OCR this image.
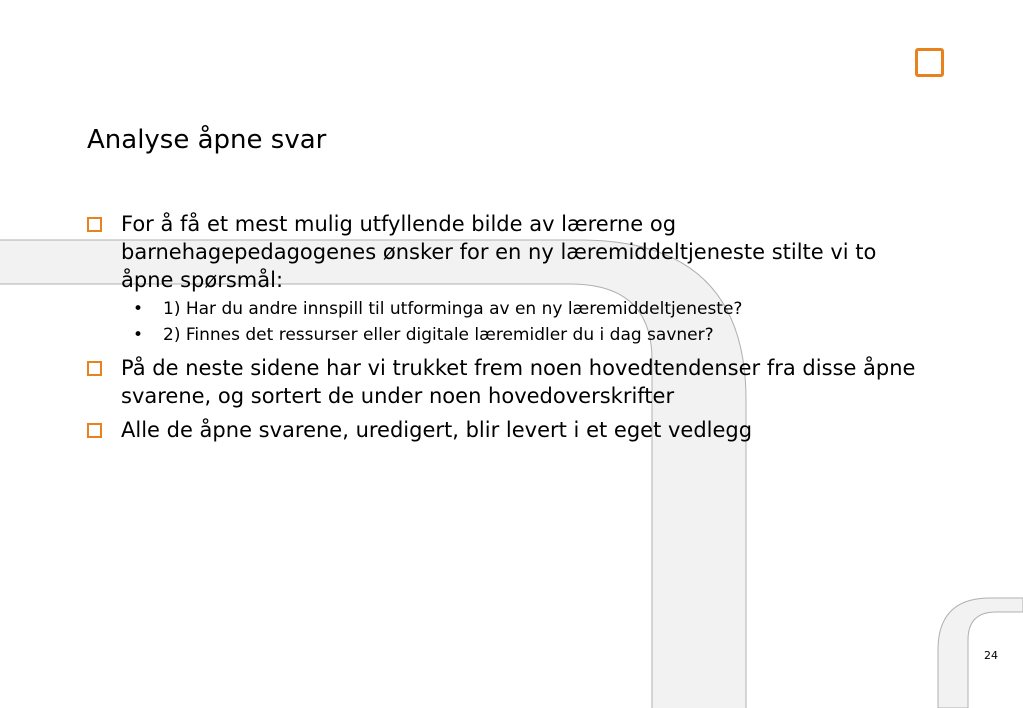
Analyse åpne svar
For å få et mest mulig utfyllende bilde av lærerne og barnehagepedagogenes ønsker for en ny læremiddeltjeneste stilte vi to åpne spørsmål:
• 1) Har du andre innspill til utforminga av en ny læremiddeltjeneste?
• 2) Finnes det ressurser eller digitale læremidler du i dag savner?
På de neste sidene har vi trukket frem noen hovedtendenser fra disse åpne svarene, og sortert de under noen hovedoverskrifter
Alle de åpne svarene, uredigert, blir levert i et eget vedlegg
24
